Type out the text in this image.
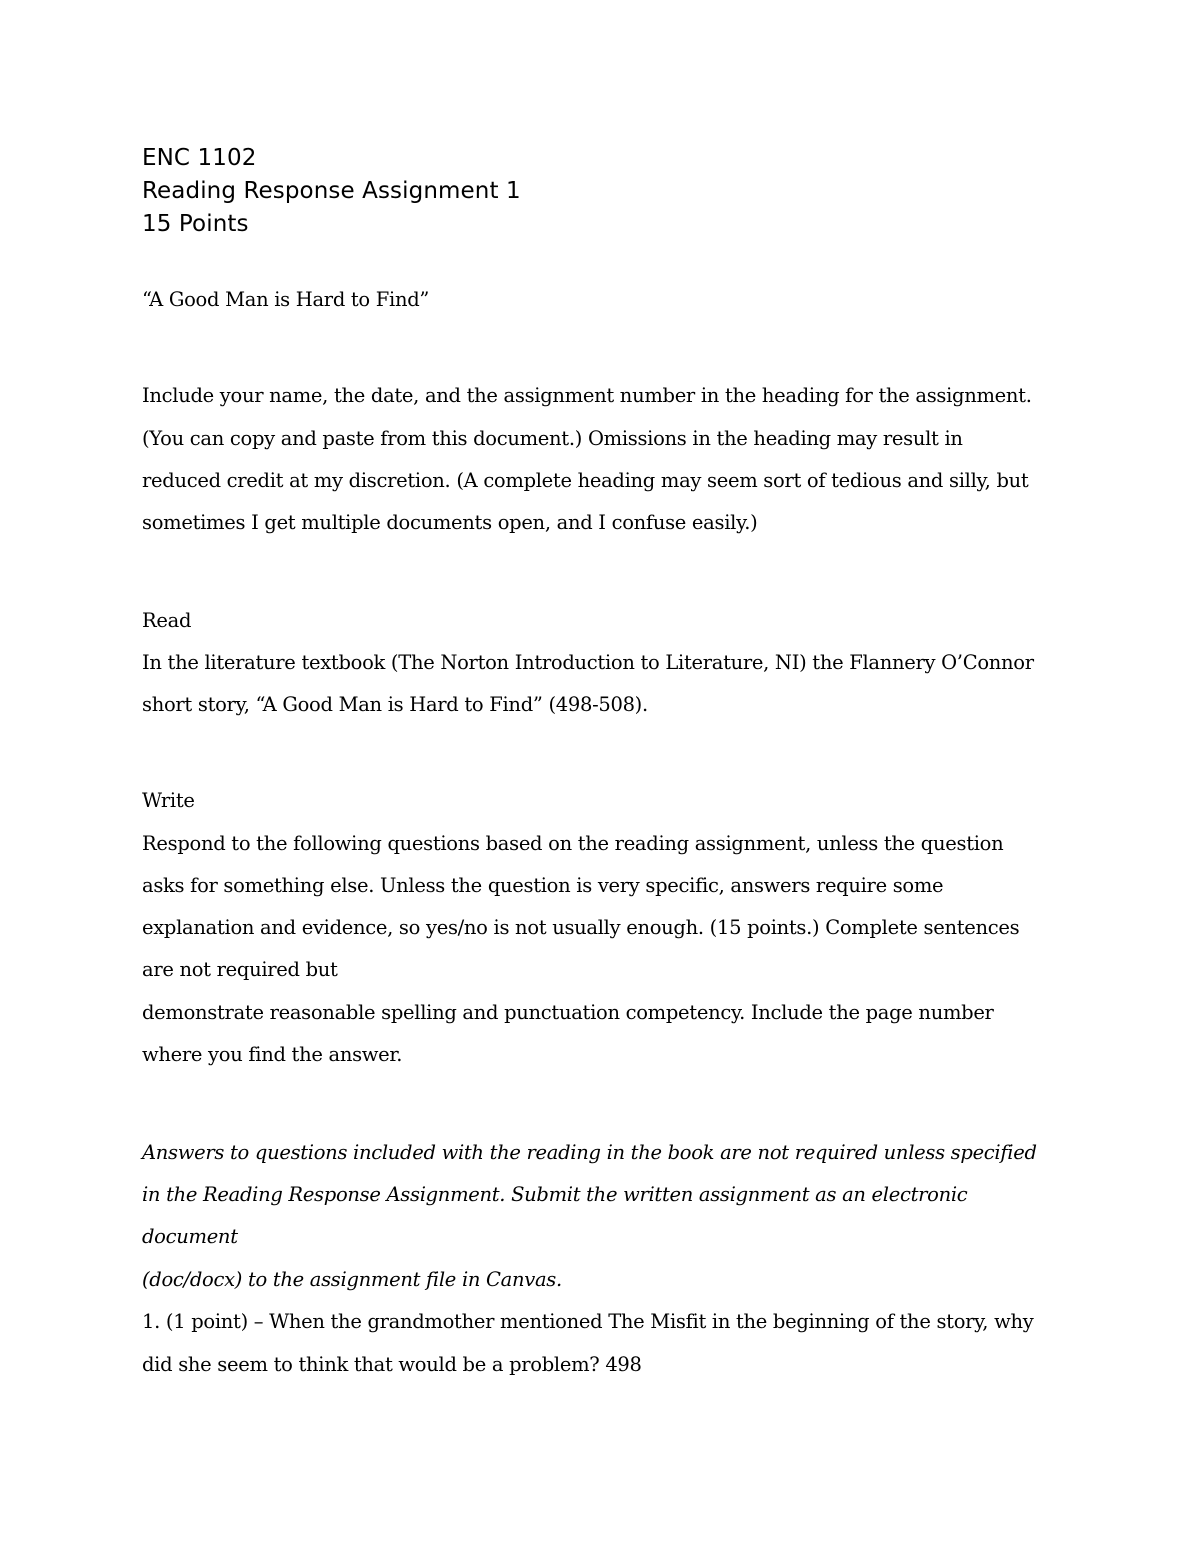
ENC 1102
Reading Response Assignment 1
15 Points
“A Good Man is Hard to Find”
Include your name, the date, and the assignment number in the heading for the assignment.
(You can copy and paste from this document.) Omissions in the heading may result in
reduced credit at my discretion. (A complete heading may seem sort of tedious and silly, but
sometimes I get multiple documents open, and I confuse easily.)
Read
In the literature textbook (The Norton Introduction to Literature, NI) the Flannery O’Connor
short story, “A Good Man is Hard to Find” (498-508).
Write
Respond to the following questions based on the reading assignment, unless the question
asks for something else. Unless the question is very specific, answers require some
explanation and evidence, so yes/no is not usually enough. (15 points.) Complete sentences
are not required but
demonstrate reasonable spelling and punctuation competency. Include the page number
where you find the answer.
Answers to questions included with the reading in the book are not required unless specified
in the Reading Response Assignment. Submit the written assignment as an electronic
document
(doc/docx) to the assignment file in Canvas.
1. (1 point) – When the grandmother mentioned The Misfit in the beginning of the story, why
did she seem to think that would be a problem? 498
